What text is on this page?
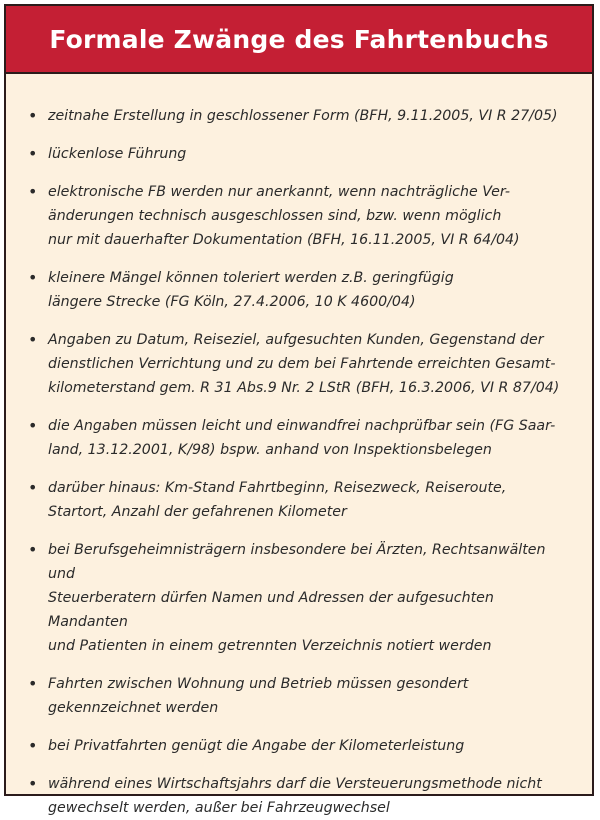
Formale Zwänge des Fahrtenbuchs
• zeitnahe Erstellung in geschlossener Form (BFH, 9.11.2005, VI R 27/05)
• lückenlose Führung
• elektronische FB werden nur anerkannt, wenn nachträgliche Ver-
änderungen technisch ausgeschlossen sind, bzw. wenn möglich
nur mit dauerhafter Dokumentation (BFH, 16.11.2005, VI R 64/04)
• kleinere Mängel können toleriert werden z.B. geringfügig
längere Strecke (FG Köln, 27.4.2006, 10 K 4600/04)
• Angaben zu Datum, Reiseziel, aufgesuchten Kunden, Gegenstand der
dienstlichen Verrichtung und zu dem bei Fahrtende erreichten Gesamt-
kilometerstand gem. R 31 Abs.9 Nr. 2 LStR (BFH, 16.3.2006, VI R 87/04)
• die Angaben müssen leicht und einwandfrei nachprüfbar sein (FG Saar-
land, 13.12.2001, K/98) bspw. anhand von Inspektionsbelegen
• darüber hinaus: Km-Stand Fahrtbeginn, Reisezweck, Reiseroute,
Startort, Anzahl der gefahrenen Kilometer
• bei Berufsgeheimnisträgern insbesondere bei Ärzten, Rechtsanwälten und
Steuerberatern dürfen Namen und Adressen der aufgesuchten Mandanten
und Patienten in einem getrennten Verzeichnis notiert werden
• Fahrten zwischen Wohnung und Betrieb müssen gesondert
gekennzeichnet werden
• bei Privatfahrten genügt die Angabe der Kilometerleistung
• während eines Wirtschaftsjahrs darf die Versteuerungsmethode nicht
gewechselt werden, außer bei Fahrzeugwechsel
